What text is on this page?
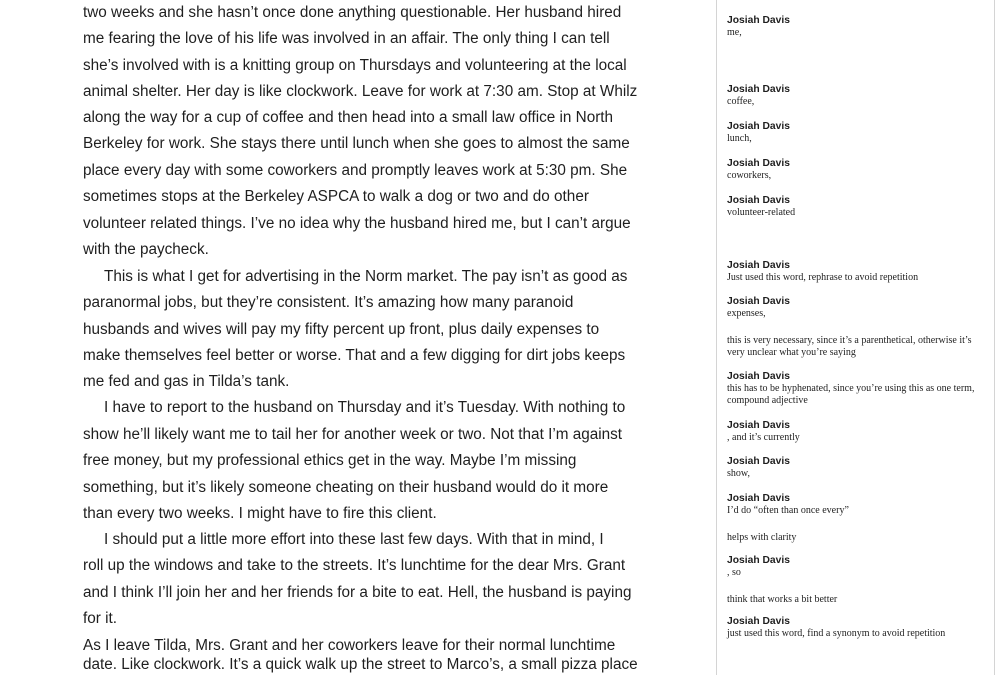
two weeks and she hasn’t once done anything questionable. Her husband hired
me fearing the love of his life was involved in an affair. The only thing I can tell
she’s involved with is a knitting group on Thursdays and volunteering at the local
animal shelter. Her day is like clockwork. Leave for work at 7:30 am. Stop at Whilz
along the way for a cup of coffee and then head into a small law office in North
Berkeley for work. She stays there until lunch when she goes to almost the same
place every day with some coworkers and promptly leaves work at 5:30 pm. She
sometimes stops at the Berkeley ASPCA to walk a dog or two and do other
volunteer related things. I’ve no idea why the husband hired me, but I can’t argue
with the paycheck.
This is what I get for advertising in the Norm market. The pay isn’t as good as
paranormal jobs, but they’re consistent. It’s amazing how many paranoid
husbands and wives will pay my fifty percent up front, plus daily expenses to
make themselves feel better or worse. That and a few digging for dirt jobs keeps
me fed and gas in Tilda’s tank.
I have to report to the husband on Thursday and it’s Tuesday. With nothing to
show he’ll likely want me to tail her for another week or two. Not that I’m against
free money, but my professional ethics get in the way. Maybe I’m missing
something, but it’s likely someone cheating on their husband would do it more
than every two weeks. I might have to fire this client.
I should put a little more effort into these last few days. With that in mind, I
roll up the windows and take to the streets. It’s lunchtime for the dear Mrs. Grant
and I think I’ll join her and her friends for a bite to eat. Hell, the husband is paying
for it.
As I leave Tilda, Mrs. Grant and her coworkers leave for their normal lunchtime
date. Like clockwork. It’s a quick walk up the street to Marco’s, a small pizza place
Josiah Davis
me,
Josiah Davis
coffee,
Josiah Davis
lunch,
Josiah Davis
coworkers,
Josiah Davis
volunteer-related
Josiah Davis
Just used this word, rephrase to avoid repetition
Josiah Davis
expenses,
this is very necessary, since it’s a parenthetical, otherwise it’s very unclear what you’re saying
Josiah Davis
this has to be hyphenated, since you’re using this as one term, compound adjective
Josiah Davis
, and it’s currently
Josiah Davis
show,
Josiah Davis
I’d do “often than once every”
helps with clarity
Josiah Davis
, so
think that works a bit better
Josiah Davis
just used this word, find a synonym to avoid repetition
